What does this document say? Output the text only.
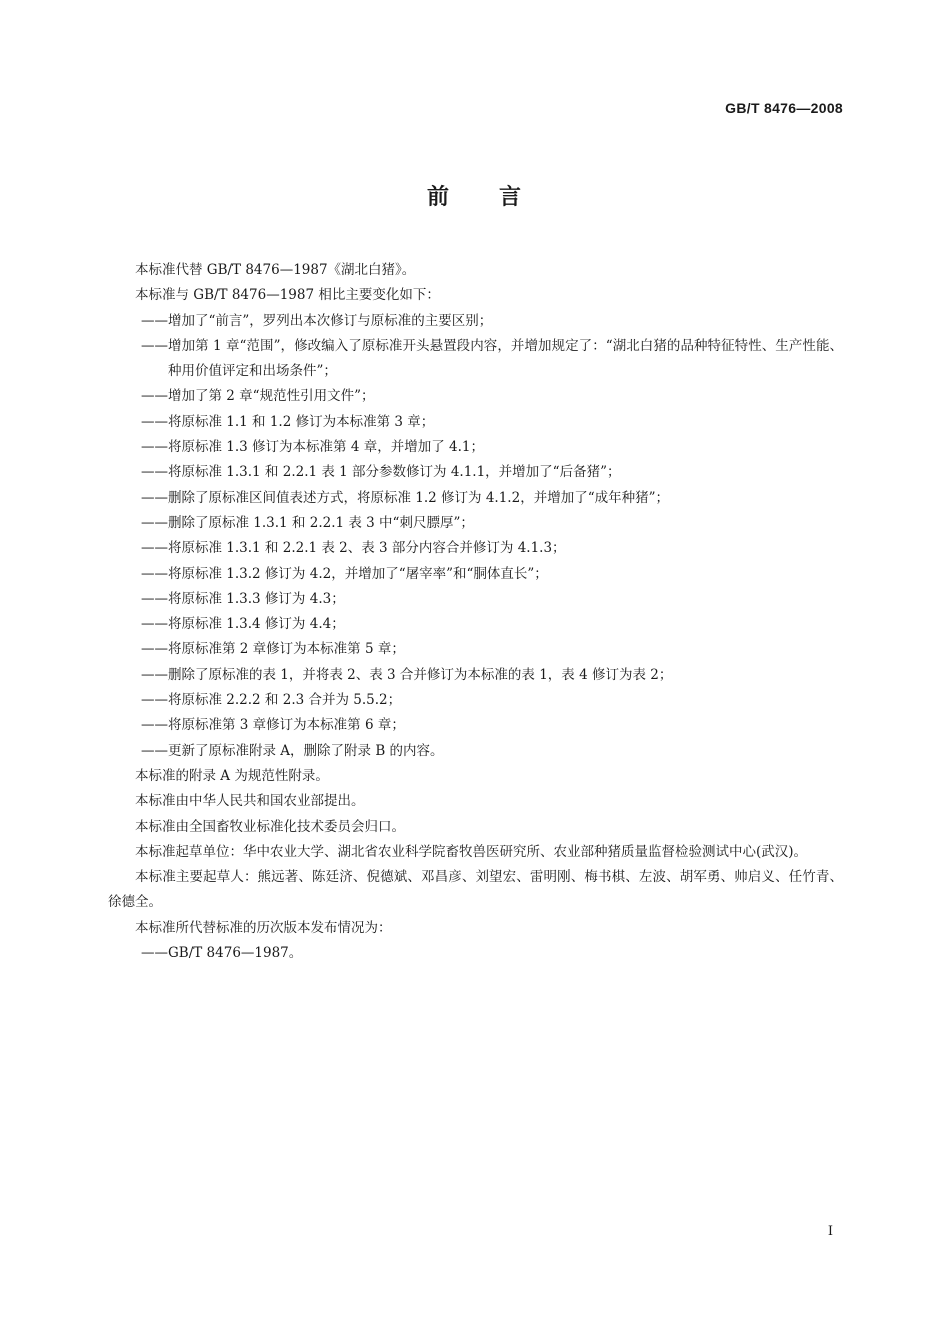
GB/T 8476—2008
前　　言

本标准代替 GB/T 8476—1987《湖北白猪》。

本标准与 GB/T 8476—1987 相比主要变化如下：

——增加了“前言”，罗列出本次修订与原标准的主要区别；

——增加第 1 章“范围”，修改编入了原标准开头悬置段内容，并增加规定了：“湖北白猪的品种特征特性、生产性能、种用价值评定和出场条件”；

——增加了第 2 章“规范性引用文件”；

——将原标准 1.1 和 1.2 修订为本标准第 3 章；

——将原标准 1.3 修订为本标准第 4 章，并增加了 4.1；

——将原标准 1.3.1 和 2.2.1 表 1 部分参数修订为 4.1.1，并增加了“后备猪”；

——删除了原标准区间值表述方式，将原标准 1.2 修订为 4.1.2，并增加了“成年种猪”；

——删除了原标准 1.3.1 和 2.2.1 表 3 中“刺尺膘厚”；

——将原标准 1.3.1 和 2.2.1 表 2、表 3 部分内容合并修订为 4.1.3；

——将原标准 1.3.2 修订为 4.2，并增加了“屠宰率”和“胴体直长”；

——将原标准 1.3.3 修订为 4.3；

——将原标准 1.3.4 修订为 4.4；

——将原标准第 2 章修订为本标准第 5 章；

——删除了原标准的表 1，并将表 2、表 3 合并修订为本标准的表 1，表 4 修订为表 2；

——将原标准 2.2.2 和 2.3 合并为 5.5.2；

——将原标准第 3 章修订为本标准第 6 章；

——更新了原标准附录 A，删除了附录 B 的内容。

本标准的附录 A 为规范性附录。

本标准由中华人民共和国农业部提出。

本标准由全国畜牧业标准化技术委员会归口。

本标准起草单位：华中农业大学、湖北省农业科学院畜牧兽医研究所、农业部种猪质量监督检验测试中心(武汉)。

本标准主要起草人：熊远著、陈廷济、倪德斌、邓昌彦、刘望宏、雷明刚、梅书棋、左波、胡军勇、帅启义、任竹青、徐德全。

本标准所代替标准的历次版本发布情况为：

——GB/T 8476—1987。

I
